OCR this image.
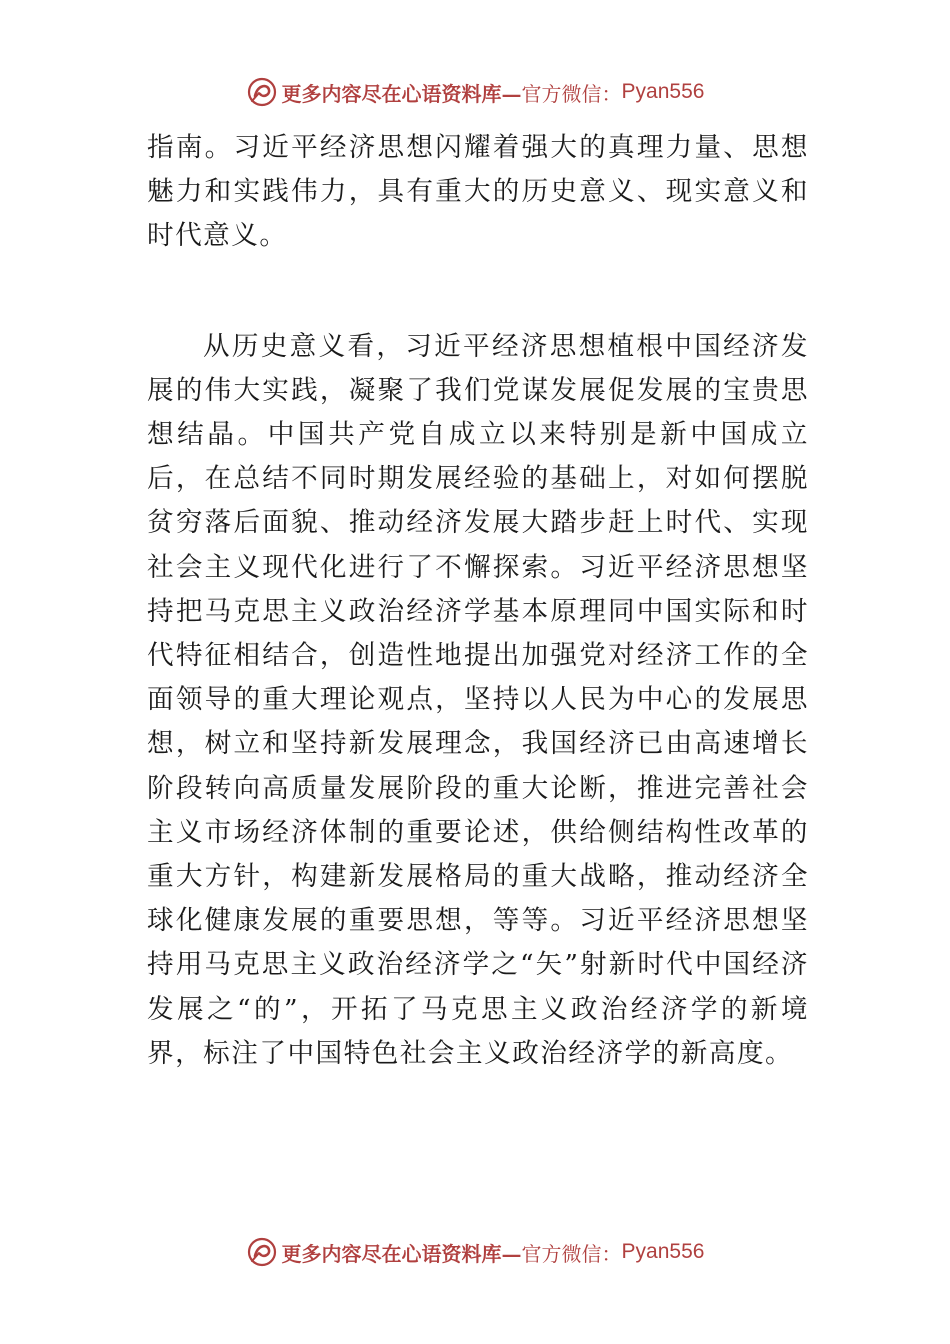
更多内容尽在心语资料库— 官方微信： Pyan556

指南。习近平经济思想闪耀着强大的真理力量、思想魅力和实践伟力，具有重大的历史意义、现实意义和时代意义。

从历史意义看，习近平经济思想植根中国经济发展的伟大实践，凝聚了我们党谋发展促发展的宝贵思想结晶。中国共产党自成立以来特别是新中国成立后，在总结不同时期发展经验的基础上，对如何摆脱贫穷落后面貌、推动经济发展大踏步赶上时代、实现社会主义现代化进行了不懈探索。习近平经济思想坚持把马克思主义政治经济学基本原理同中国实际和时代特征相结合，创造性地提出加强党对经济工作的全面领导的重大理论观点，坚持以人民为中心的发展思想，树立和坚持新发展理念，我国经济已由高速增长阶段转向高质量发展阶段的重大论断，推进完善社会主义市场经济体制的重要论述，供给侧结构性改革的重大方针，构建新发展格局的重大战略，推动经济全球化健康发展的重要思想，等等。习近平经济思想坚持用马克思主义政治经济学之“矢”射新时代中国经济发展之“的”，开拓了马克思主义政治经济学的新境界，标注了中国特色社会主义政治经济学的新高度。

更多内容尽在心语资料库— 官方微信： Pyan556
